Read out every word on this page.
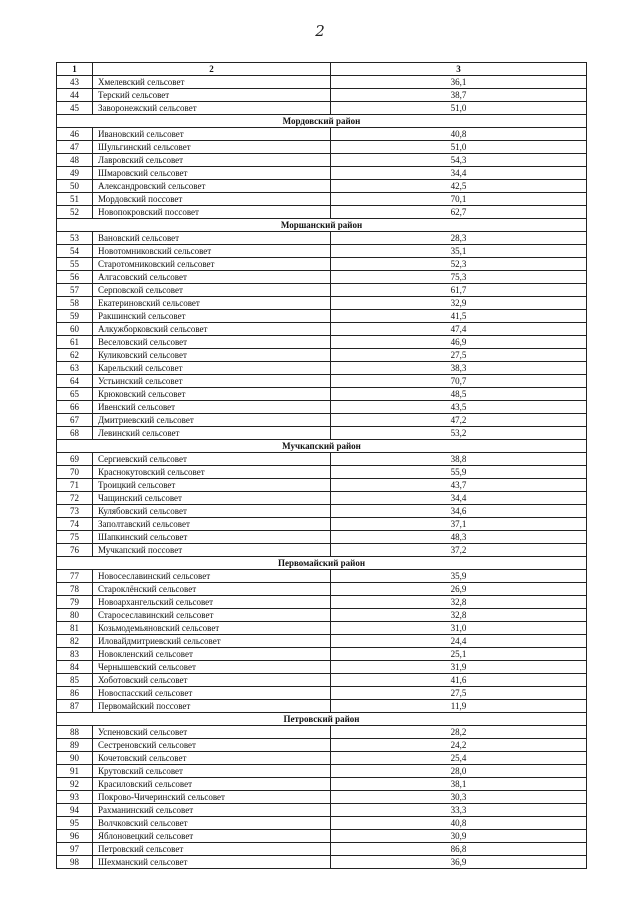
2
1	2	3
43	Хмелевский сельсовет	36,1
44	Терский сельсовет	38,7
45	Заворонежский сельсовет	51,0
Мордовский район		
46	Ивановский сельсовет	40,8
47	Шульгинский сельсовет	51,0
48	Лавровский сельсовет	54,3
49	Шмаровский сельсовет	34,4
50	Александровский сельсовет	42,5
51	Мордовский поссовет	70,1
52	Новопокровский поссовет	62,7
Моршанский район		
53	Вановский сельсовет	28,3
54	Новотомниковский сельсовет	35,1
55	Старотомниковский сельсовет	52,3
56	Алгасовский сельсовет	75,3
57	Серповской сельсовет	61,7
58	Екатериновский сельсовет	32,9
59	Ракшинский сельсовет	41,5
60	Алкужборковский сельсовет	47,4
61	Веселовский сельсовет	46,9
62	Куликовский сельсовет	27,5
63	Карельский сельсовет	38,3
64	Устьинский сельсовет	70,7
65	Крюковский сельсовет	48,5
66	Ивенский сельсовет	43,5
67	Дмитриевский сельсовет	47,2
68	Левинский сельсовет	53,2
Мучкапский район		
69	Сергиевский сельсовет	38,8
70	Краснокутовский сельсовет	55,9
71	Троицкий сельсовет	43,7
72	Чащинский сельсовет	34,4
73	Кулябовский сельсовет	34,6
74	Заполтавский сельсовет	37,1
75	Шапкинский сельсовет	48,3
76	Мучкапский поссовет	37,2
Первомайский район		
77	Новосеславинский сельсовет	35,9
78	Староклёнский сельсовет	26,9
79	Новоархангельский сельсовет	32,8
80	Старосеславинский сельсовет	32,8
81	Козьмодемьяновский сельсовет	31,0
82	Иловайдмитриевский сельсовет	24,4
83	Новокленский сельсовет	25,1
84	Чернышевский сельсовет	31,9
85	Хоботовский сельсовет	41,6
86	Новоспасский сельсовет	27,5
87	Первомайский поссовет	11,9
Петровский район		
88	Успеновский сельсовет	28,2
89	Сестреновский сельсовет	24,2
90	Кочетовский сельсовет	25,4
91	Крутовский сельсовет	28,0
92	Красиловский сельсовет	38,1
93	Покрово-Чичеринский сельсовет	30,3
94	Рахманинский сельсовет	33,3
95	Волчковский сельсовет	40,8
96	Яблоновецкий сельсовет	30,9
97	Петровский сельсовет	86,8
98	Шехманский сельсовет	36,9
